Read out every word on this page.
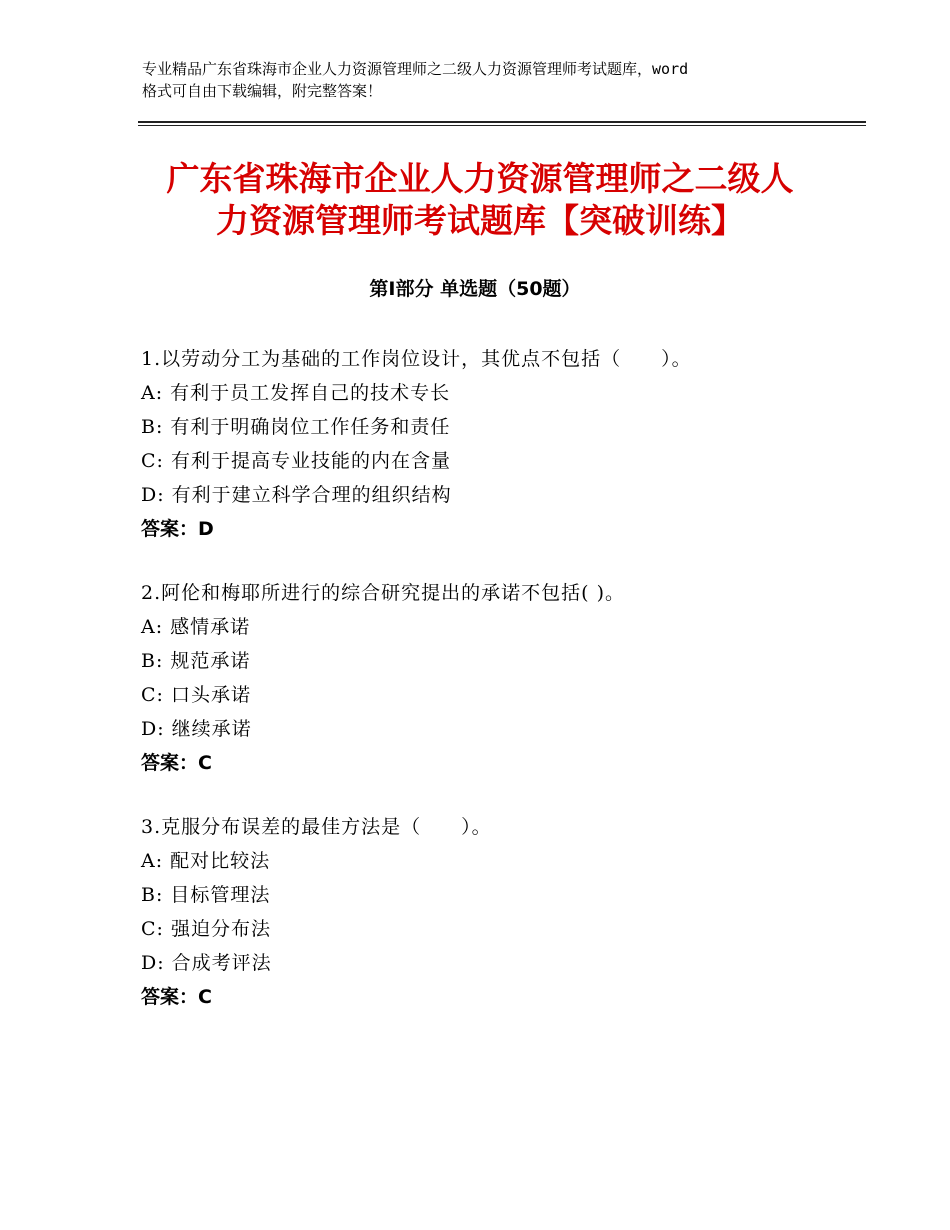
专业精品广东省珠海市企业人力资源管理师之二级人力资源管理师考试题库，word
格式可自由下载编辑，附完整答案！
广东省珠海市企业人力资源管理师之二级人
力资源管理师考试题库【突破训练】
第Ⅰ部分 单选题（50题）
1.以劳动分工为基础的工作岗位设计，其优点不包括（　　）。
A: 有利于员工发挥自己的技术专长
B: 有利于明确岗位工作任务和责任
C: 有利于提高专业技能的内在含量
D: 有利于建立科学合理的组织结构
答案：D
2.阿伦和梅耶所进行的综合研究提出的承诺不包括( )。
A: 感情承诺
B: 规范承诺
C: 口头承诺
D: 继续承诺
答案：C
3.克服分布误差的最佳方法是（　　）。
A: 配对比较法
B: 目标管理法
C: 强迫分布法
D: 合成考评法
答案：C
